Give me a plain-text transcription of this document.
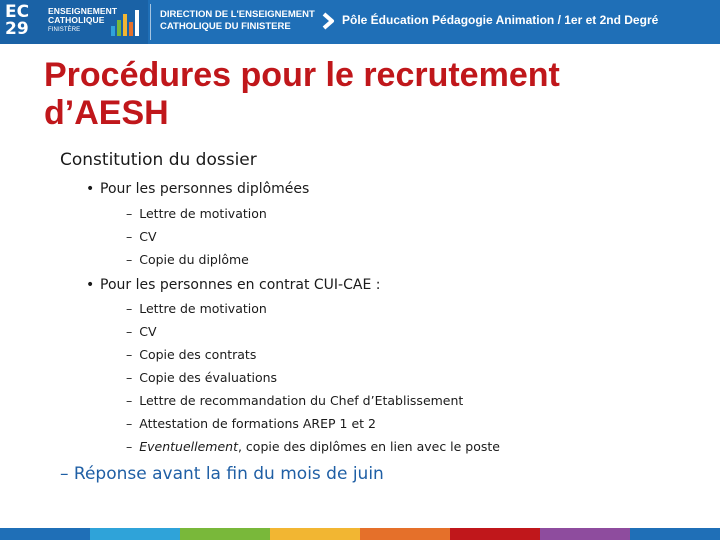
EC
29
ENSEIGNEMENT
CATHOLIQUE
FINISTÈRE
DIRECTION DE L'ENSEIGNEMENT
CATHOLIQUE DU FINISTERE	Pôle Éducation Pédagogie Animation / 1er et 2nd Degré
Procédures pour le recrutement
d’AESH
Constitution du dossier
• Pour les personnes diplômées
– Lettre de motivation
– CV
– Copie du diplôme
• Pour les personnes en contrat CUI-CAE :
– Lettre de motivation
– CV
– Copie des contrats
– Copie des évaluations
– Lettre de recommandation du Chef d’Etablissement
– Attestation de formations AREP 1 et 2
– Eventuellement, copie des diplômes en lien avec le poste
– Réponse avant la fin du mois de juin
